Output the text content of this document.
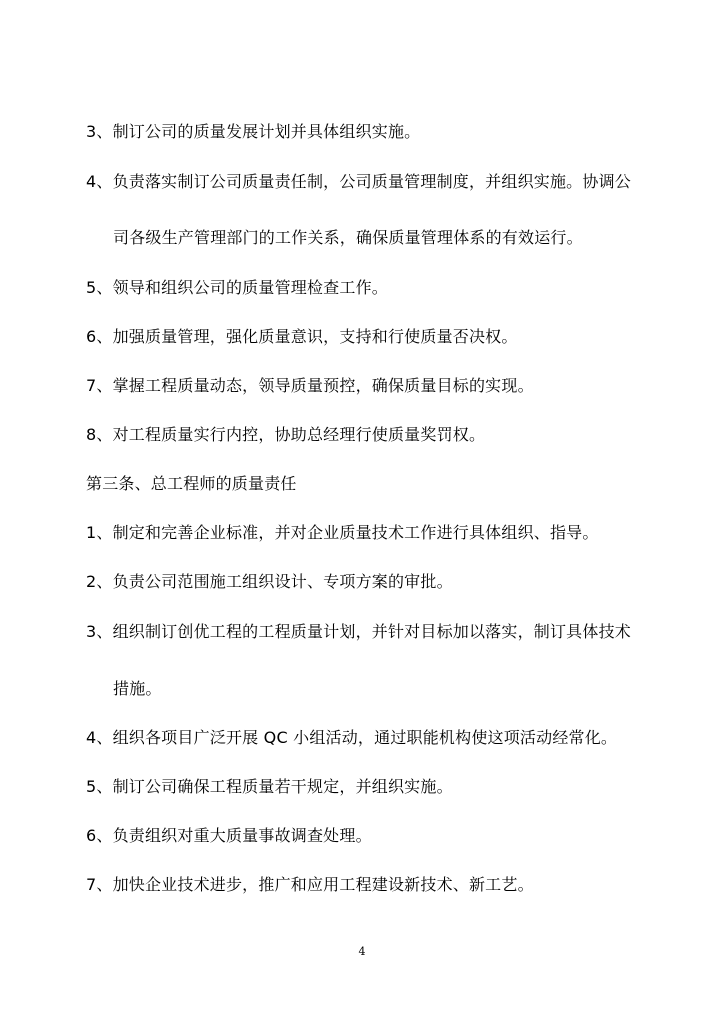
3、制订公司的质量发展计划并具体组织实施。
4、负责落实制订公司质量责任制，公司质量管理制度，并组织实施。协调公
司各级生产管理部门的工作关系，确保质量管理体系的有效运行。
5、领导和组织公司的质量管理检查工作。
6、加强质量管理，强化质量意识，支持和行使质量否决权。
7、掌握工程质量动态，领导质量预控，确保质量目标的实现。
8、对工程质量实行内控，协助总经理行使质量奖罚权。
第三条、总工程师的质量责任
1、制定和完善企业标准，并对企业质量技术工作进行具体组织、指导。
2、负责公司范围施工组织设计、专项方案的审批。
3、组织制订创优工程的工程质量计划，并针对目标加以落实，制订具体技术
措施。
4、组织各项目广泛开展 QC 小组活动，通过职能机构使这项活动经常化。
5、制订公司确保工程质量若干规定，并组织实施。
6、负责组织对重大质量事故调查处理。
7、加快企业技术进步，推广和应用工程建设新技术、新工艺。
4
